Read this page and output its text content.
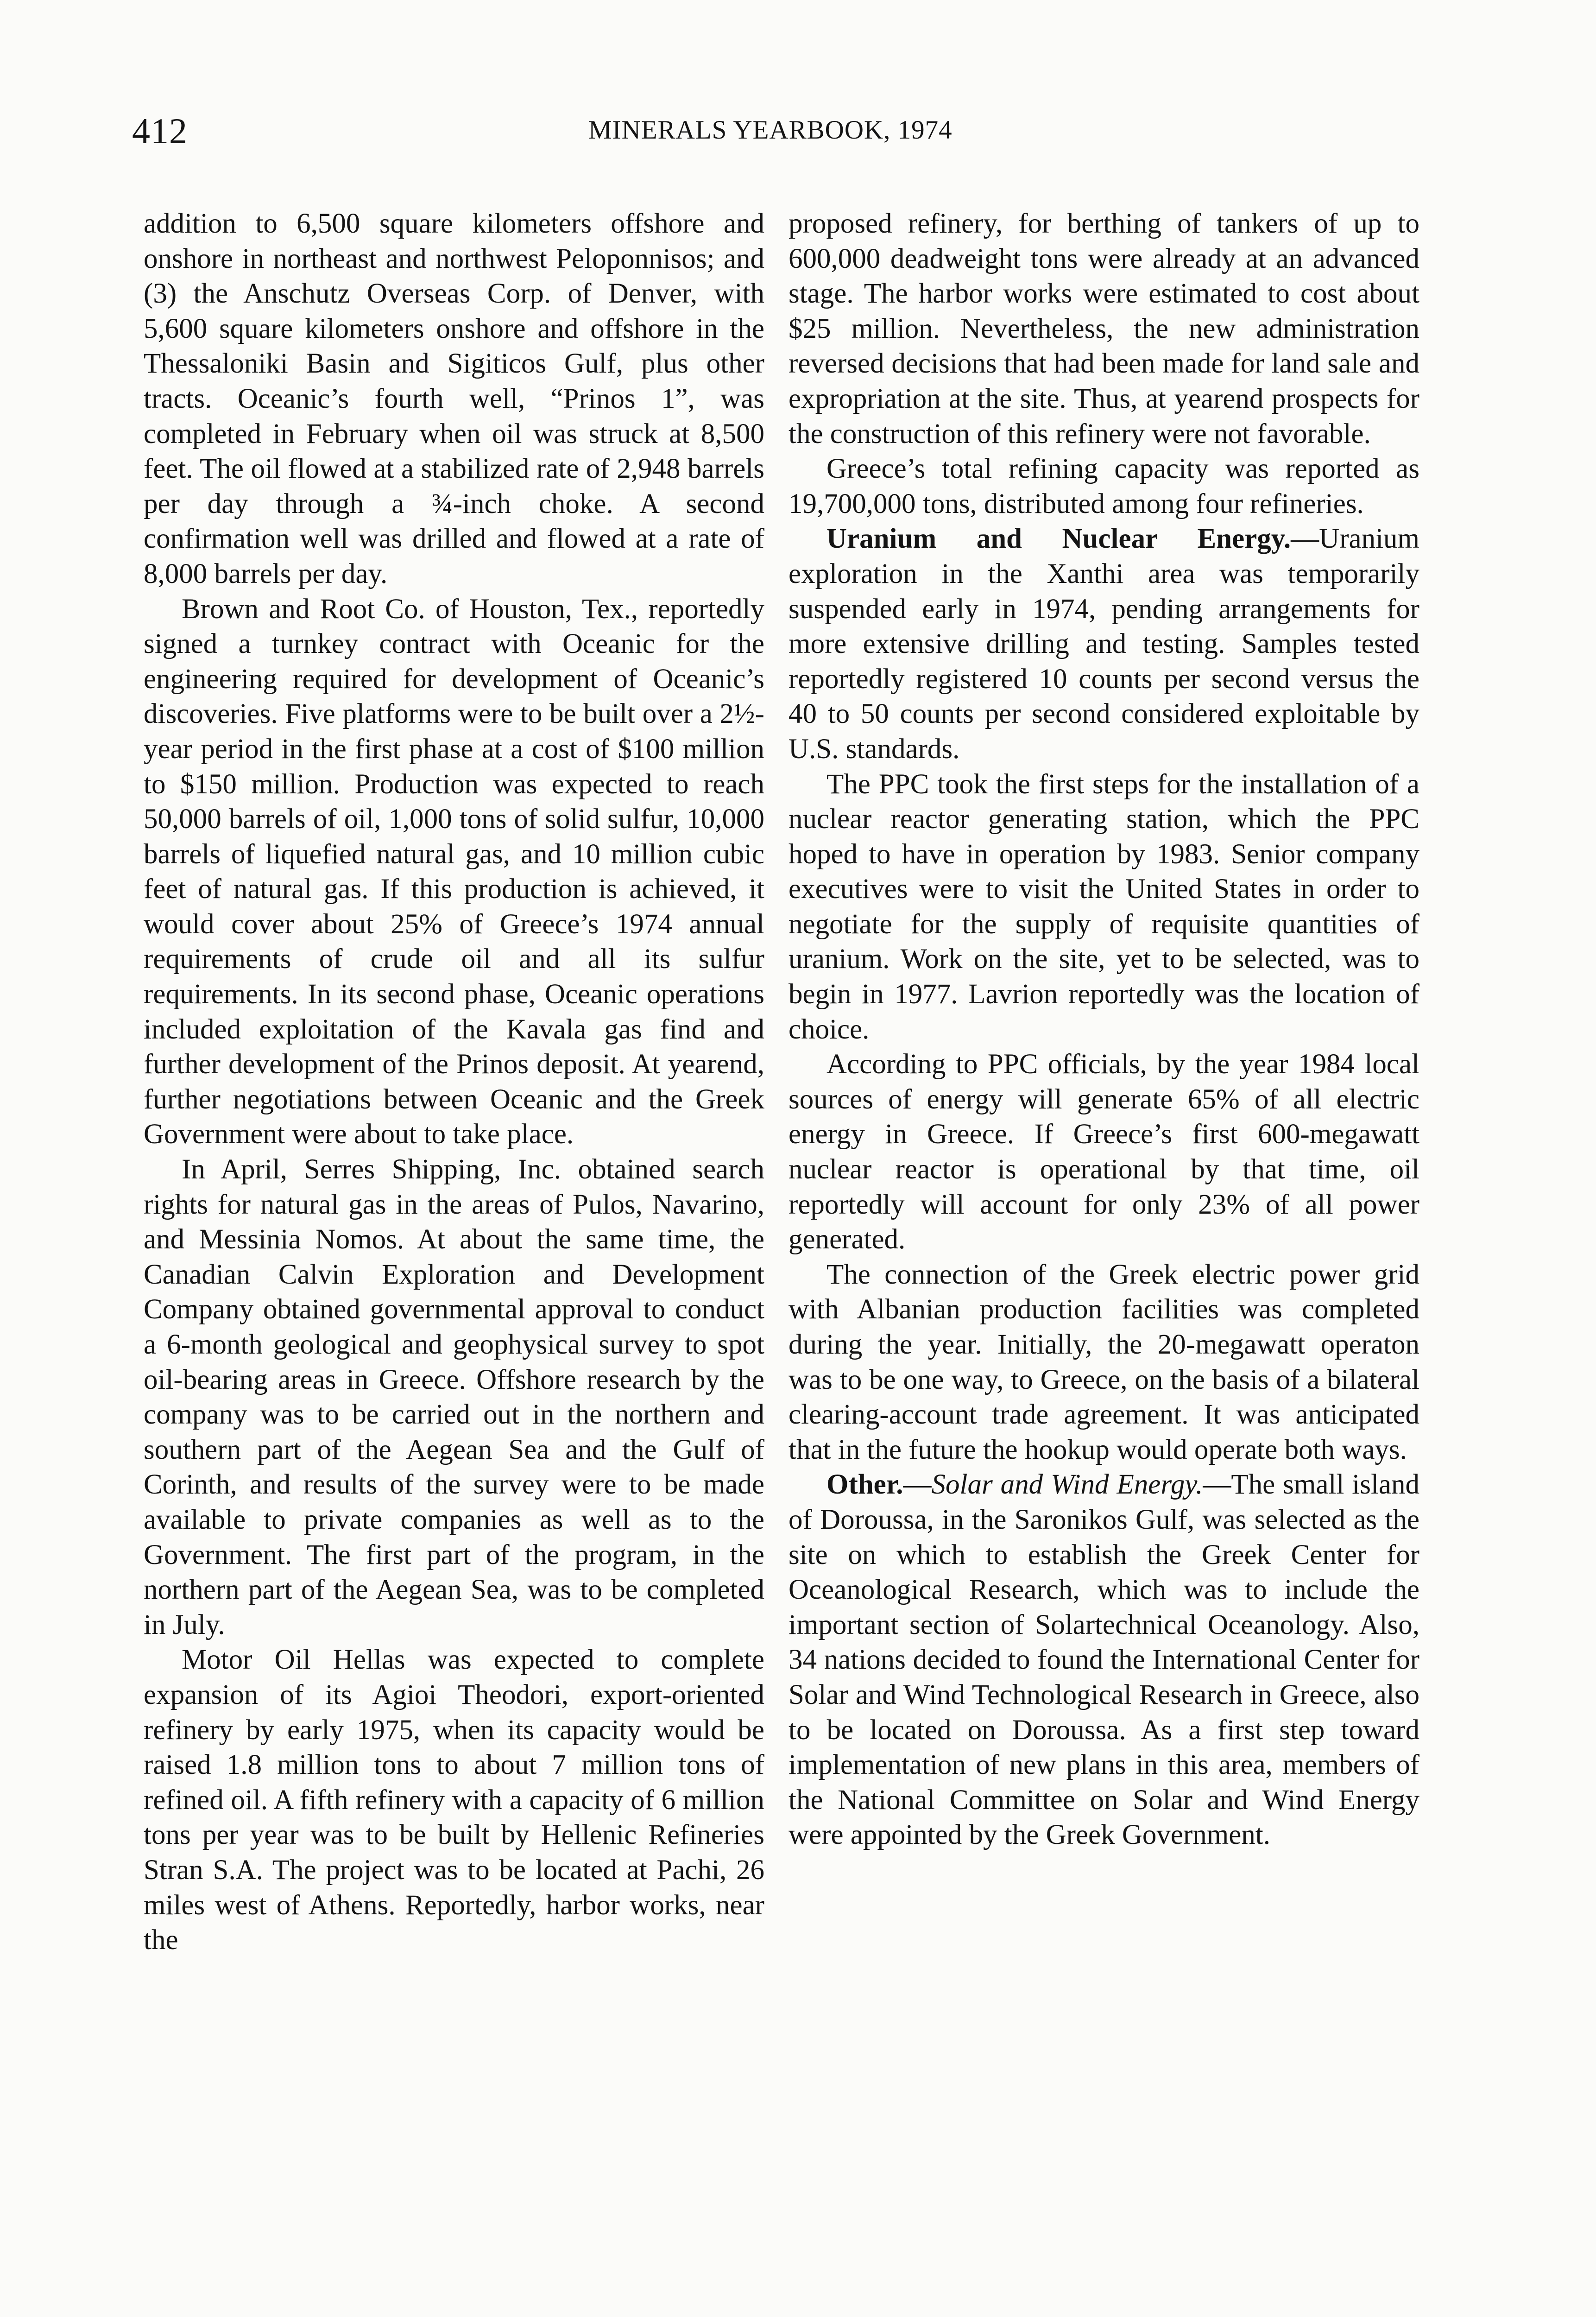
412	MINERALS YEARBOOK, 1974

addition to 6,500 square kilometers offshore and onshore in northeast and northwest Peloponnisos; and (3) the Anschutz Overseas Corp. of Denver, with 5,600 square kilometers onshore and offshore in the Thessaloniki Basin and Sigiticos Gulf, plus other tracts. Oceanic’s fourth well, “Prinos 1”, was completed in February when oil was struck at 8,500 feet. The oil flowed at a stabilized rate of 2,948 barrels per day through a ¾-inch choke. A second confirmation well was drilled and flowed at a rate of 8,000 barrels per day.

Brown and Root Co. of Houston, Tex., reportedly signed a turnkey contract with Oceanic for the engineering required for development of Oceanic’s discoveries. Five platforms were to be built over a 2½-year period in the first phase at a cost of $100 million to $150 million. Production was expected to reach 50,000 barrels of oil, 1,000 tons of solid sulfur, 10,000 barrels of liquefied natural gas, and 10 million cubic feet of natural gas. If this production is achieved, it would cover about 25% of Greece’s 1974 annual requirements of crude oil and all its sulfur requirements. In its second phase, Oceanic operations included exploitation of the Kavala gas find and further development of the Prinos deposit. At yearend, further negotiations between Oceanic and the Greek Government were about to take place.

In April, Serres Shipping, Inc. obtained search rights for natural gas in the areas of Pulos, Navarino, and Messinia Nomos. At about the same time, the Canadian Calvin Exploration and Development Company obtained governmental approval to conduct a 6-month geological and geophysical survey to spot oil-bearing areas in Greece. Offshore research by the company was to be carried out in the northern and southern part of the Aegean Sea and the Gulf of Corinth, and results of the survey were to be made available to private companies as well as to the Government. The first part of the program, in the northern part of the Aegean Sea, was to be completed in July.

Motor Oil Hellas was expected to complete expansion of its Agioi Theodori, export-oriented refinery by early 1975, when its capacity would be raised 1.8 million tons to about 7 million tons of refined oil. A fifth refinery with a capacity of 6 million tons per year was to be built by Hellenic Refineries Stran S.A. The project was to be located at Pachi, 26 miles west of Athens. Reportedly, harbor works, near the

proposed refinery, for berthing of tankers of up to 600,000 deadweight tons were already at an advanced stage. The harbor works were estimated to cost about $25 million. Nevertheless, the new administration reversed decisions that had been made for land sale and expropriation at the site. Thus, at yearend prospects for the construction of this refinery were not favorable.

Greece’s total refining capacity was reported as 19,700,000 tons, distributed among four refineries.

Uranium and Nuclear Energy.—Uranium exploration in the Xanthi area was temporarily suspended early in 1974, pending arrangements for more extensive drilling and testing. Samples tested reportedly registered 10 counts per second versus the 40 to 50 counts per second considered exploitable by U.S. standards.

The PPC took the first steps for the installation of a nuclear reactor generating station, which the PPC hoped to have in operation by 1983. Senior company executives were to visit the United States in order to negotiate for the supply of requisite quantities of uranium. Work on the site, yet to be selected, was to begin in 1977. Lavrion reportedly was the location of choice.

According to PPC officials, by the year 1984 local sources of energy will generate 65% of all electric energy in Greece. If Greece’s first 600-megawatt nuclear reactor is operational by that time, oil reportedly will account for only 23% of all power generated.

The connection of the Greek electric power grid with Albanian production facilities was completed during the year. Initially, the 20-megawatt operaton was to be one way, to Greece, on the basis of a bilateral clearing-account trade agreement. It was anticipated that in the future the hookup would operate both ways.

Other.—Solar and Wind Energy.—The small island of Doroussa, in the Saronikos Gulf, was selected as the site on which to establish the Greek Center for Oceanological Research, which was to include the important section of Solartechnical Oceanology. Also, 34 nations decided to found the International Center for Solar and Wind Technological Research in Greece, also to be located on Doroussa. As a first step toward implementation of new plans in this area, members of the National Committee on Solar and Wind Energy were appointed by the Greek Government.
